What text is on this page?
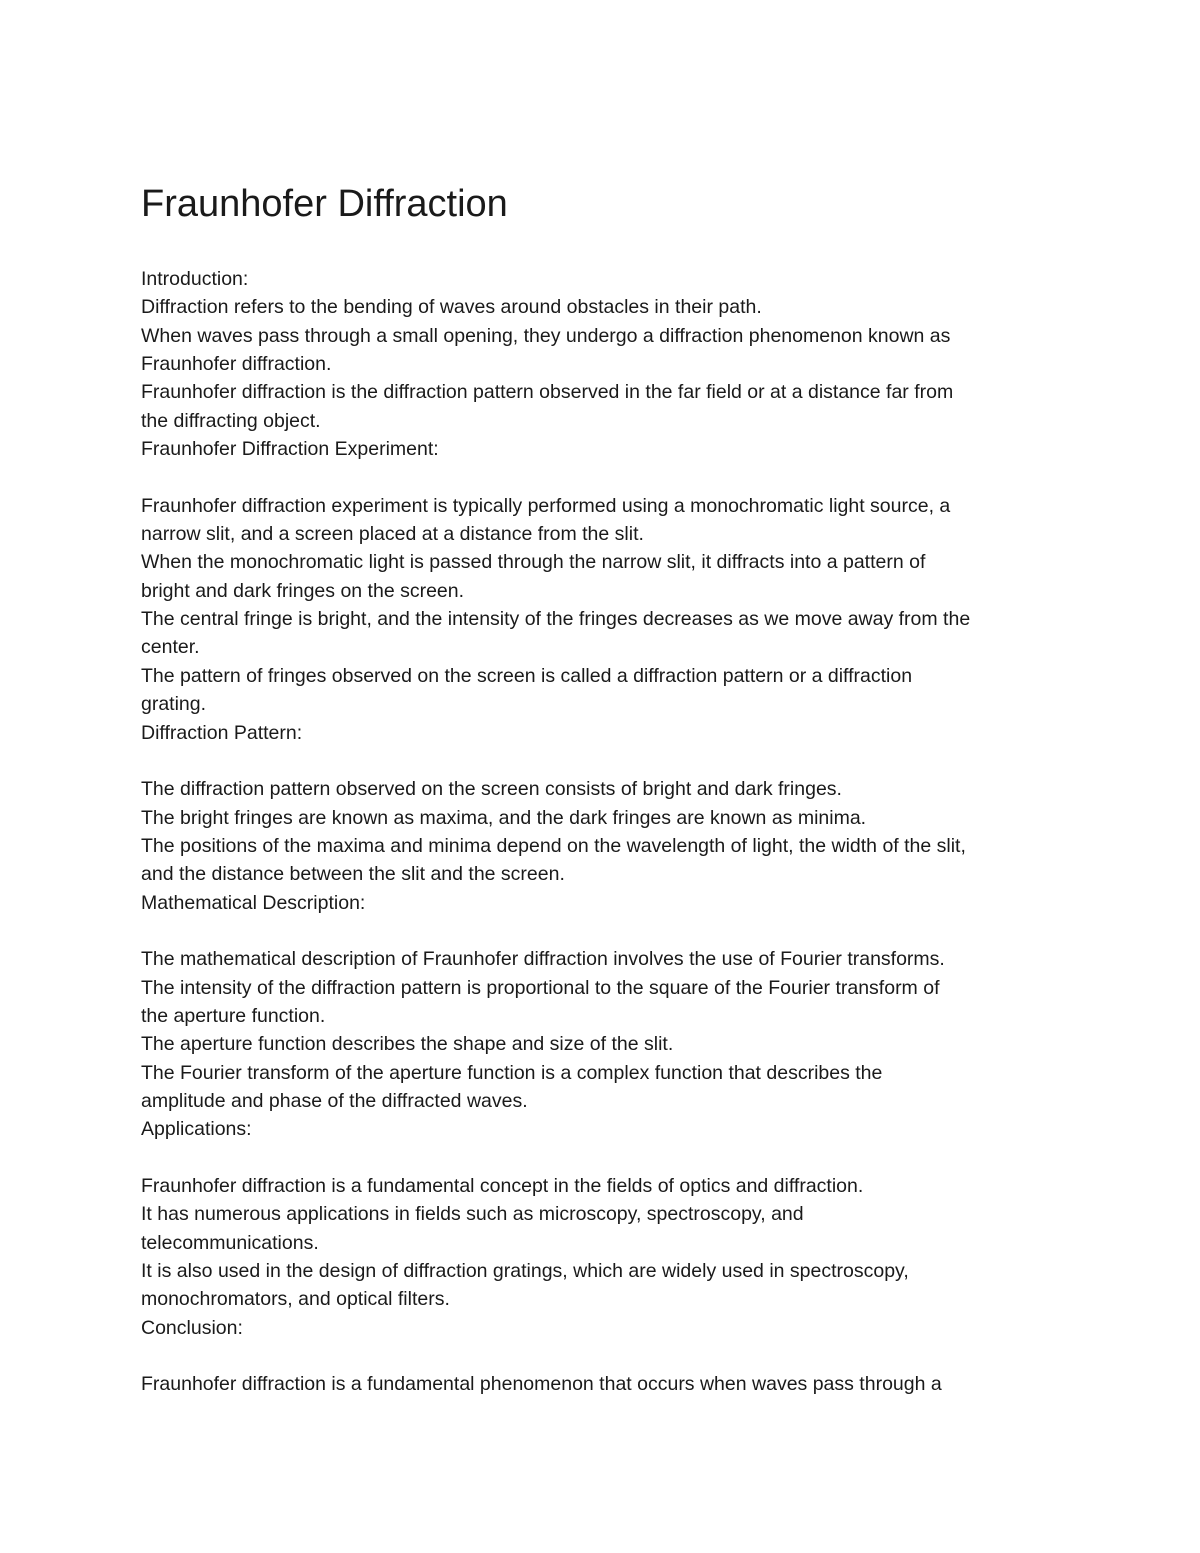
Fraunhofer Diffraction
Introduction:
Diffraction refers to the bending of waves around obstacles in their path.
When waves pass through a small opening, they undergo a diffraction phenomenon known as
Fraunhofer diffraction.
Fraunhofer diffraction is the diffraction pattern observed in the far field or at a distance far from
the diffracting object.
Fraunhofer Diffraction Experiment:
Fraunhofer diffraction experiment is typically performed using a monochromatic light source, a
narrow slit, and a screen placed at a distance from the slit.
When the monochromatic light is passed through the narrow slit, it diffracts into a pattern of
bright and dark fringes on the screen.
The central fringe is bright, and the intensity of the fringes decreases as we move away from the
center.
The pattern of fringes observed on the screen is called a diffraction pattern or a diffraction
grating.
Diffraction Pattern:
The diffraction pattern observed on the screen consists of bright and dark fringes.
The bright fringes are known as maxima, and the dark fringes are known as minima.
The positions of the maxima and minima depend on the wavelength of light, the width of the slit,
and the distance between the slit and the screen.
Mathematical Description:
The mathematical description of Fraunhofer diffraction involves the use of Fourier transforms.
The intensity of the diffraction pattern is proportional to the square of the Fourier transform of
the aperture function.
The aperture function describes the shape and size of the slit.
The Fourier transform of the aperture function is a complex function that describes the
amplitude and phase of the diffracted waves.
Applications:
Fraunhofer diffraction is a fundamental concept in the fields of optics and diffraction.
It has numerous applications in fields such as microscopy, spectroscopy, and
telecommunications.
It is also used in the design of diffraction gratings, which are widely used in spectroscopy,
monochromators, and optical filters.
Conclusion:
Fraunhofer diffraction is a fundamental phenomenon that occurs when waves pass through a
